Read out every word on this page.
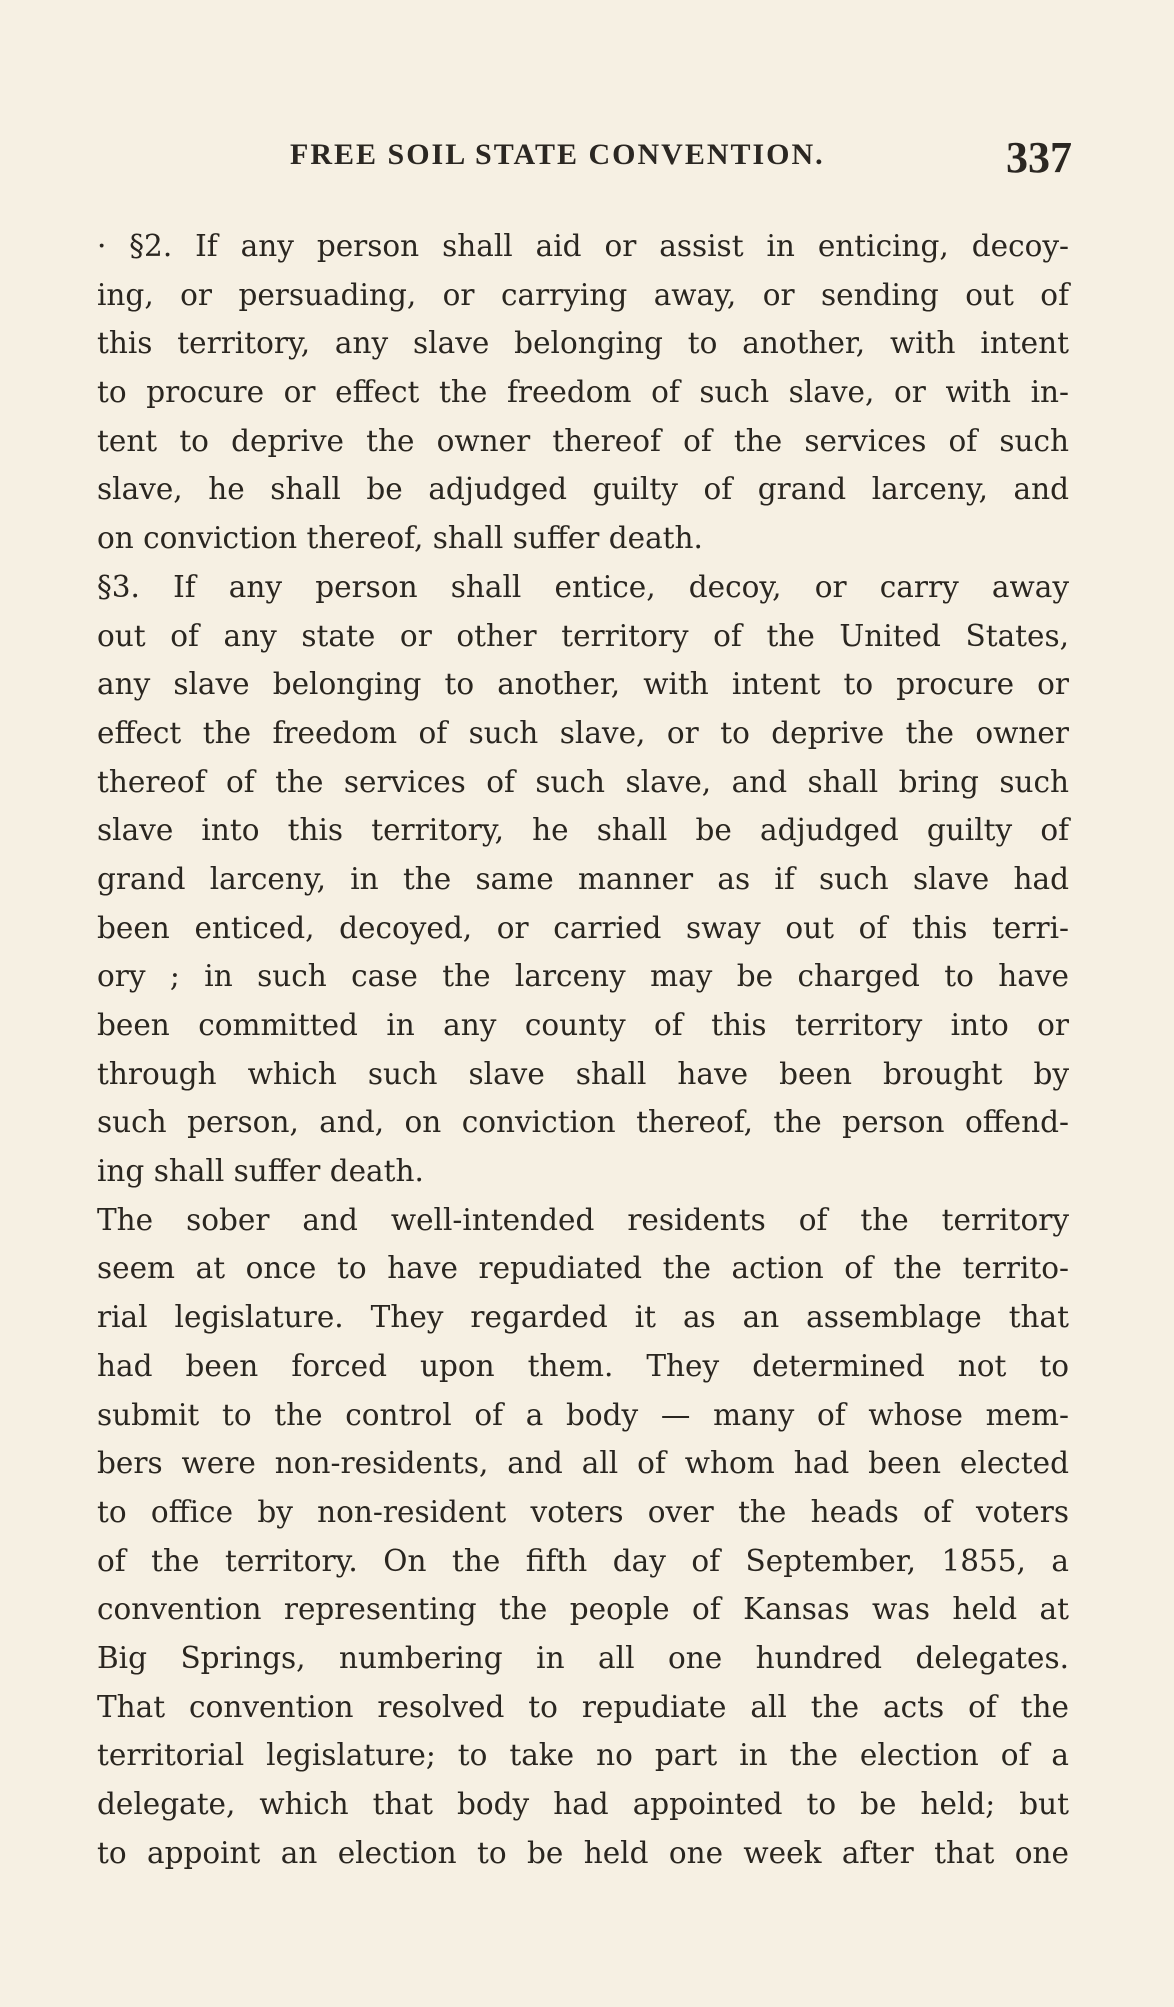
FREE SOIL STATE CONVENTION.	337
· §2. If any person shall aid or assist in enticing, decoy-
ing, or persuading, or carrying away, or sending out of
this territory, any slave belonging to another, with intent
to procure or effect the freedom of such slave, or with in-
tent to deprive the owner thereof of the services of such
slave, he shall be adjudged guilty of grand larceny, and
on conviction thereof, shall suffer death.
§3. If any person shall entice, decoy, or carry away
out of any state or other territory of the United States,
any slave belonging to another, with intent to procure or
effect the freedom of such slave, or to deprive the owner
thereof of the services of such slave, and shall bring such
slave into this territory, he shall be adjudged guilty of
grand larceny, in the same manner as if such slave had
been enticed, decoyed, or carried sway out of this terri-
ory ; in such case the larceny may be charged to have
been committed in any county of this territory into or
through which such slave shall have been brought by
such person, and, on conviction thereof, the person offend-
ing shall suffer death.
The sober and well-intended residents of the territory
seem at once to have repudiated the action of the territo-
rial legislature. They regarded it as an assemblage that
had been forced upon them. They determined not to
submit to the control of a body — many of whose mem-
bers were non-residents, and all of whom had been elected
to office by non-resident voters over the heads of voters
of the territory. On the fifth day of September, 1855, a
convention representing the people of Kansas was held at
Big Springs, numbering in all one hundred delegates.
That convention resolved to repudiate all the acts of the
territorial legislature; to take no part in the election of a
delegate, which that body had appointed to be held; but
to appoint an election to be held one week after that one
